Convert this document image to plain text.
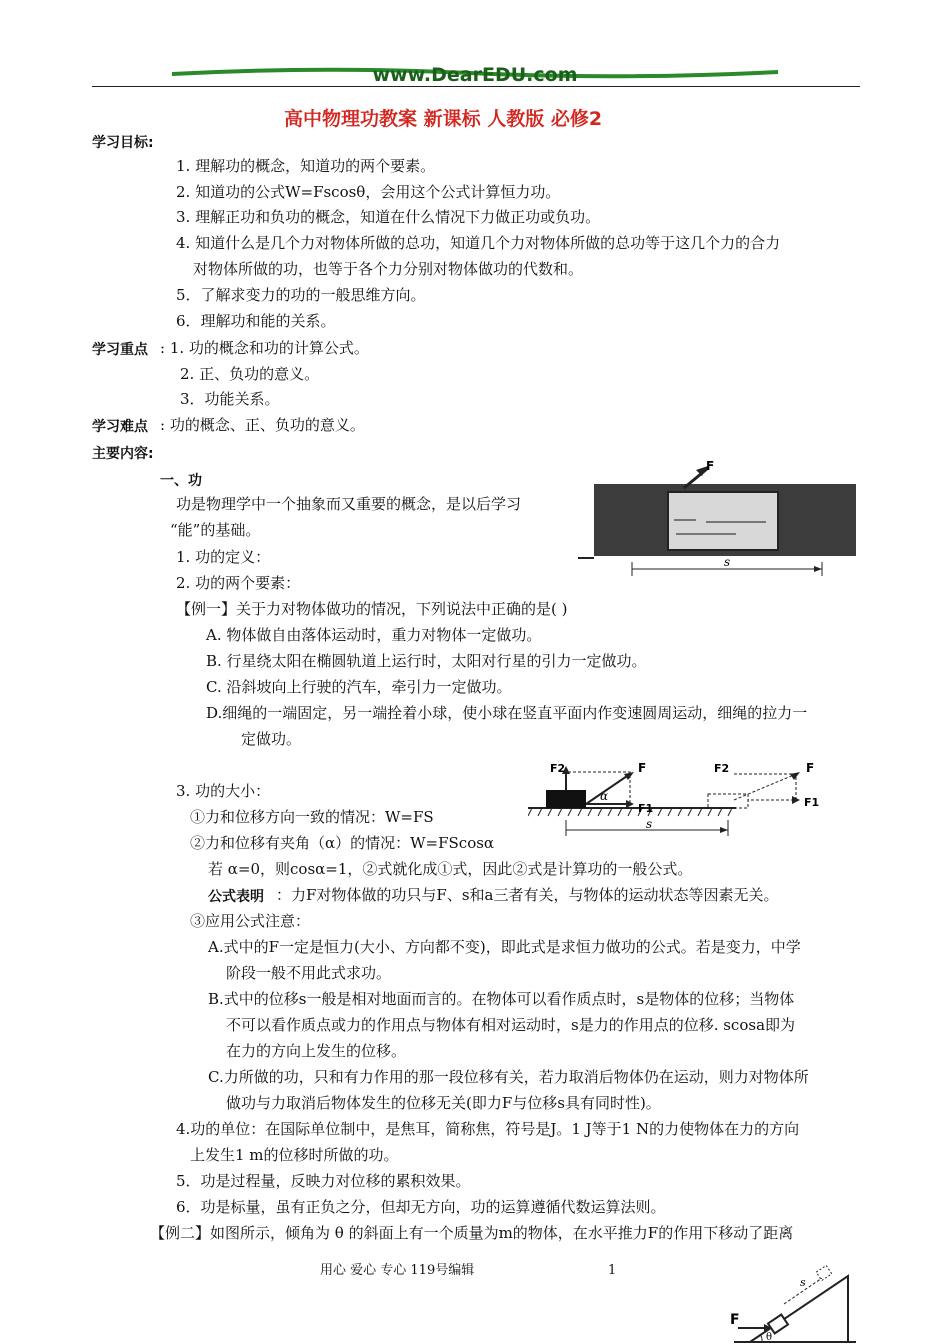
www.DearEDU.com
高中物理功教案 新课标 人教版 必修2
学习目标:
1. 理解功的概念，知道功的两个要素。
2. 知道功的公式W=Fscosθ，会用这个公式计算恒力功。
3. 理解正功和负功的概念，知道在什么情况下力做正功或负功。
4. 知道什么是几个力对物体所做的总功，知道几个力对物体所做的总功等于这几个力的合力
对物体所做的功，也等于各个力分别对物体做功的代数和。
5．了解求变力的功的一般思维方向。
6．理解功和能的关系。
学习重点 : 1. 功的概念和功的计算公式。
2. 正、负功的意义。
3．功能关系。
学习难点 : 功的概念、正、负功的意义。
主要内容:
一、功
功是物理学中一个抽象而又重要的概念，是以后学习
“能”的基础。
1. 功的定义：
2. 功的两个要素：
F
s
【例一】关于力对物体做功的情况，下列说法中正确的是( )
A. 物体做自由落体运动时，重力对物体一定做功。
B. 行星绕太阳在椭圆轨道上运行时，太阳对行星的引力一定做功。
C. 沿斜坡向上行驶的汽车，牵引力一定做功。
D.细绳的一端固定，另一端拴着小球，使小球在竖直平面内作变速圆周运动，细绳的拉力一
定做功。
3. 功的大小：
①力和位移方向一致的情况：W=FS
②力和位移有夹角（α）的情况：W=FScosα
F2	F
α
F1
F2	F
F1
s
若 α=0，则cosα=1，②式就化成①式，因此②式是计算功的一般公式。
公式表明 ：力F对物体做的功只与F、s和a三者有关，与物体的运动状态等因素无关。
③应用公式注意：
A.式中的F一定是恒力(大小、方向都不变)，即此式是求恒力做功的公式。若是变力，中学
阶段一般不用此式求功。
B.式中的位移s一般是相对地面而言的。在物体可以看作质点时，s是物体的位移；当物体
不可以看作质点或力的作用点与物体有相对运动时，s是力的作用点的位移. scosa即为
在力的方向上发生的位移。
C.力所做的功，只和有力作用的那一段位移有关，若力取消后物体仍在运动，则力对物体所
做功与力取消后物体发生的位移无关(即力F与位移s具有同时性)。
4.功的单位：在国际单位制中，是焦耳，简称焦，符号是J。1 J等于1 N的力使物体在力的方向
上发生1 m的位移时所做的功。
5．功是过程量，反映力对位移的累积效果。
6．功是标量，虽有正负之分，但却无方向，功的运算遵循代数运算法则。
【例二】如图所示，倾角为 θ 的斜面上有一个质量为m的物体，在水平推力F的作用下移动了距离
用心 爱心 专心 119号编辑	1
F
θ
s
